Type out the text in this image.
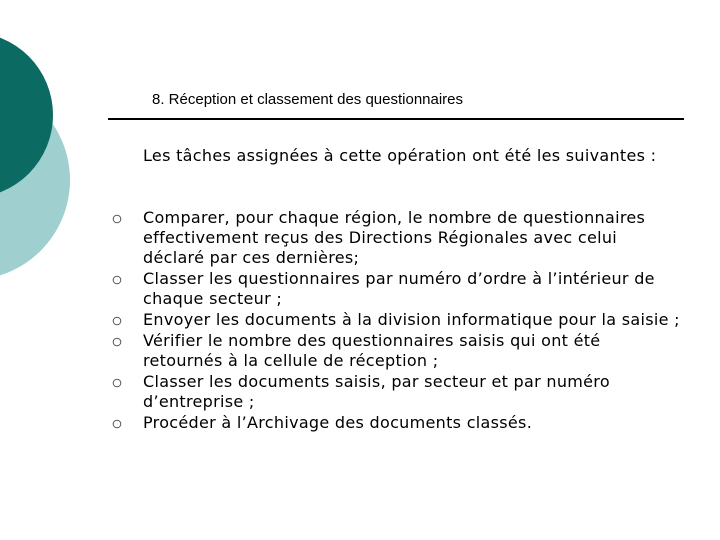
8. Réception et classement des questionnaires
Les tâches assignées à cette opération ont été les suivantes :
Comparer, pour chaque région, le nombre de questionnaires effectivement reçus des Directions Régionales avec celui déclaré par ces dernières;
Classer les questionnaires par numéro d’ordre à l’intérieur de chaque secteur ;
Envoyer les documents à la division informatique pour la saisie ;
Vérifier le nombre des questionnaires saisis qui ont été retournés à la cellule de réception ;
Classer les documents saisis, par secteur et par numéro d’entreprise ;
Procéder à l’Archivage des documents classés.
